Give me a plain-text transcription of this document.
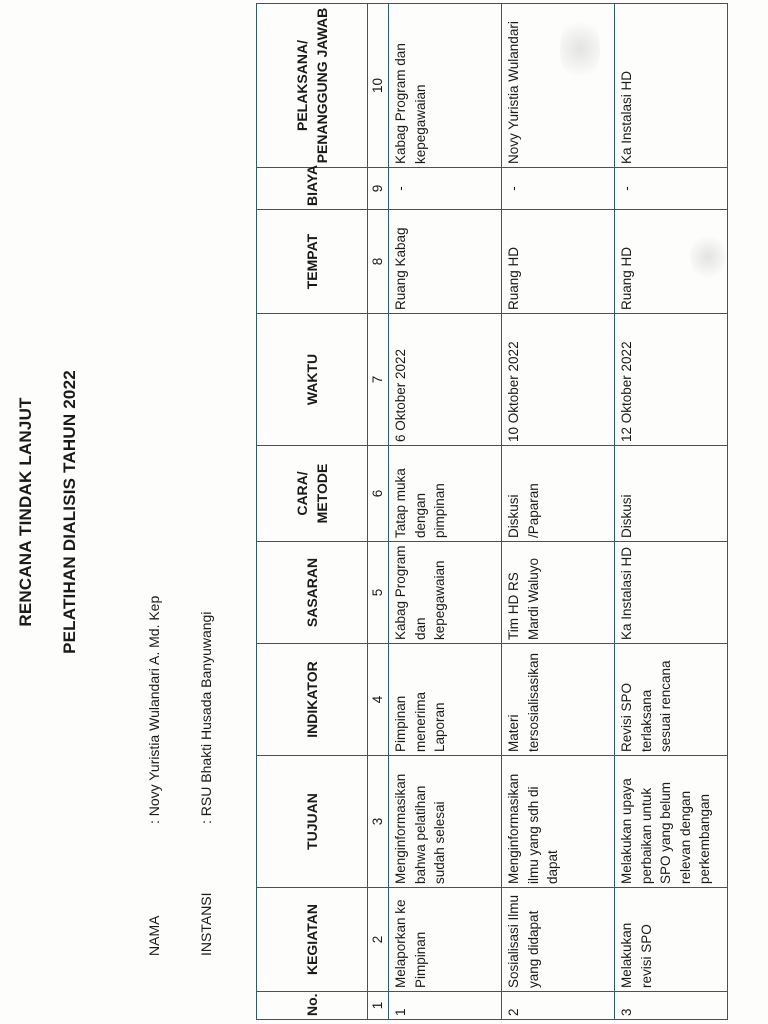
RENCANA TINDAK LANJUT PELATIHAN DIALISIS TAHUN 2022
NAMA
: Novy Yuristia Wulandari A. Md. Kep
INSTANSI
: RSU Bhakti Husada Banyuwangi
No.	KEGIATAN	TUJUAN	INDIKATOR	SASARAN	CARA/ METODE	WAKTU	TEMPAT	BIAYA	PELAKSANA/ PENANGGUNG JAWAB
1	2	3	4	5	6	7	8	9	10
1	Melaporkan ke Pimpinan	Menginformasikan bahwa pelatihan sudah selesai	Pimpinan menerima Laporan	Kabag Program dan kepegawaian	Tatap muka dengan pimpinan	6 Oktober 2022	Ruang Kabag	-	Kabag Program dan kepegawaian
2	Sosialisasi Ilmu yang didapat	Menginformasikan ilmu yang sdh di dapat	Materi tersosialisasikan	Tim HD RS Mardi Waluyo	Diskusi /Paparan	10 Oktober 2022	Ruang HD	-	Novy Yuristia Wulandari
3	Melakukan revisi SPO	Melakukan upaya perbaikan untuk SPO yang belum relevan dengan perkembangan	Revisi SPO terlaksana sesuai rencana	Ka Instalasi HD	Diskusi	12 Oktober 2022	Ruang HD	-	Ka Instalasi HD
